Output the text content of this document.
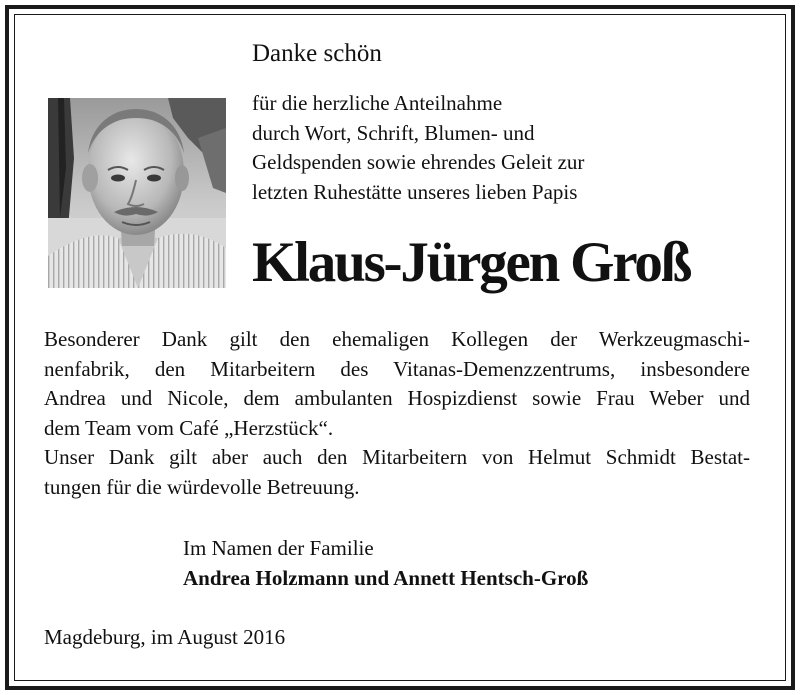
Danke schön

für die herzliche Anteilnahme
durch Wort, Schrift, Blumen- und
Geldspenden sowie ehrendes Geleit zur
letzten Ruhestätte unseres lieben Papis

Klaus-Jürgen Groß

Besonderer Dank gilt den ehemaligen Kollegen der Werkzeugmaschi-
nenfabrik, den Mitarbeitern des Vitanas-Demenzzentrums, insbesondere
Andrea und Nicole, dem ambulanten Hospizdienst sowie Frau Weber und
dem Team vom Café „Herzstück“.
Unser Dank gilt aber auch den Mitarbeitern von Helmut Schmidt Bestat-
tungen für die würdevolle Betreuung.

Im Namen der Familie

Andrea Holzmann und Annett Hentsch-Groß

Magdeburg, im August 2016
